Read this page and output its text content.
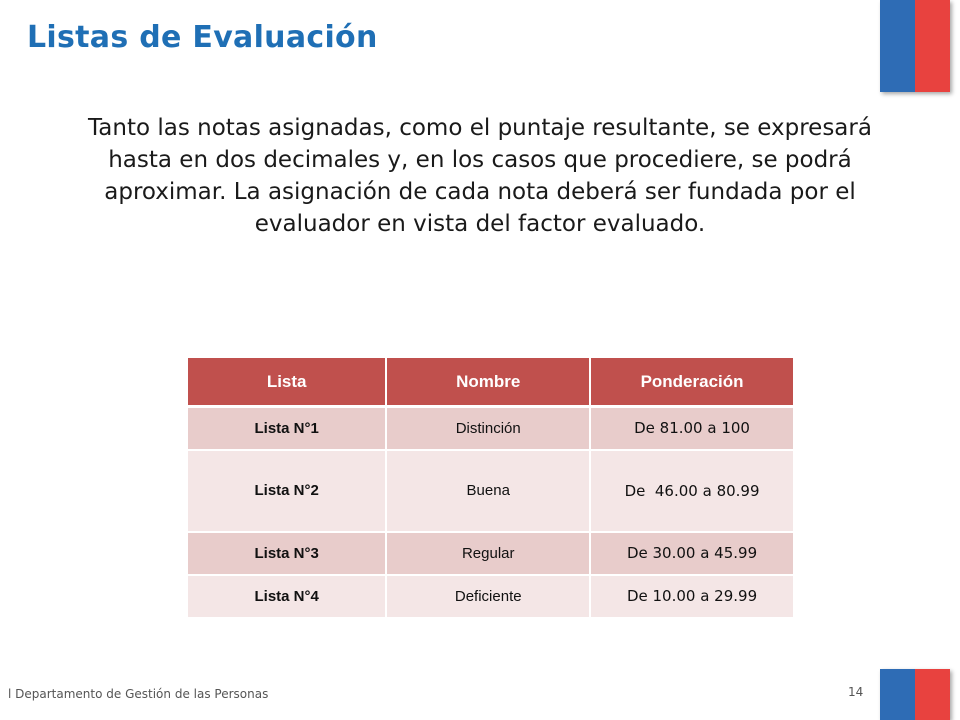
Listas de Evaluación
Tanto las notas asignadas, como el puntaje resultante, se expresará hasta en dos decimales y, en los casos que procediere, se podrá aproximar. La asignación de cada nota deberá ser fundada por el evaluador en vista del factor evaluado.
Lista	Nombre	Ponderación
Lista N°1	Distinción	De 81.00 a 100
Lista N°2	Buena	De  46.00 a 80.99
Lista N°3	Regular	De 30.00 a 45.99
Lista N°4	Deficiente	De 10.00 a 29.99
l Departamento de Gestión de las Personas	14
